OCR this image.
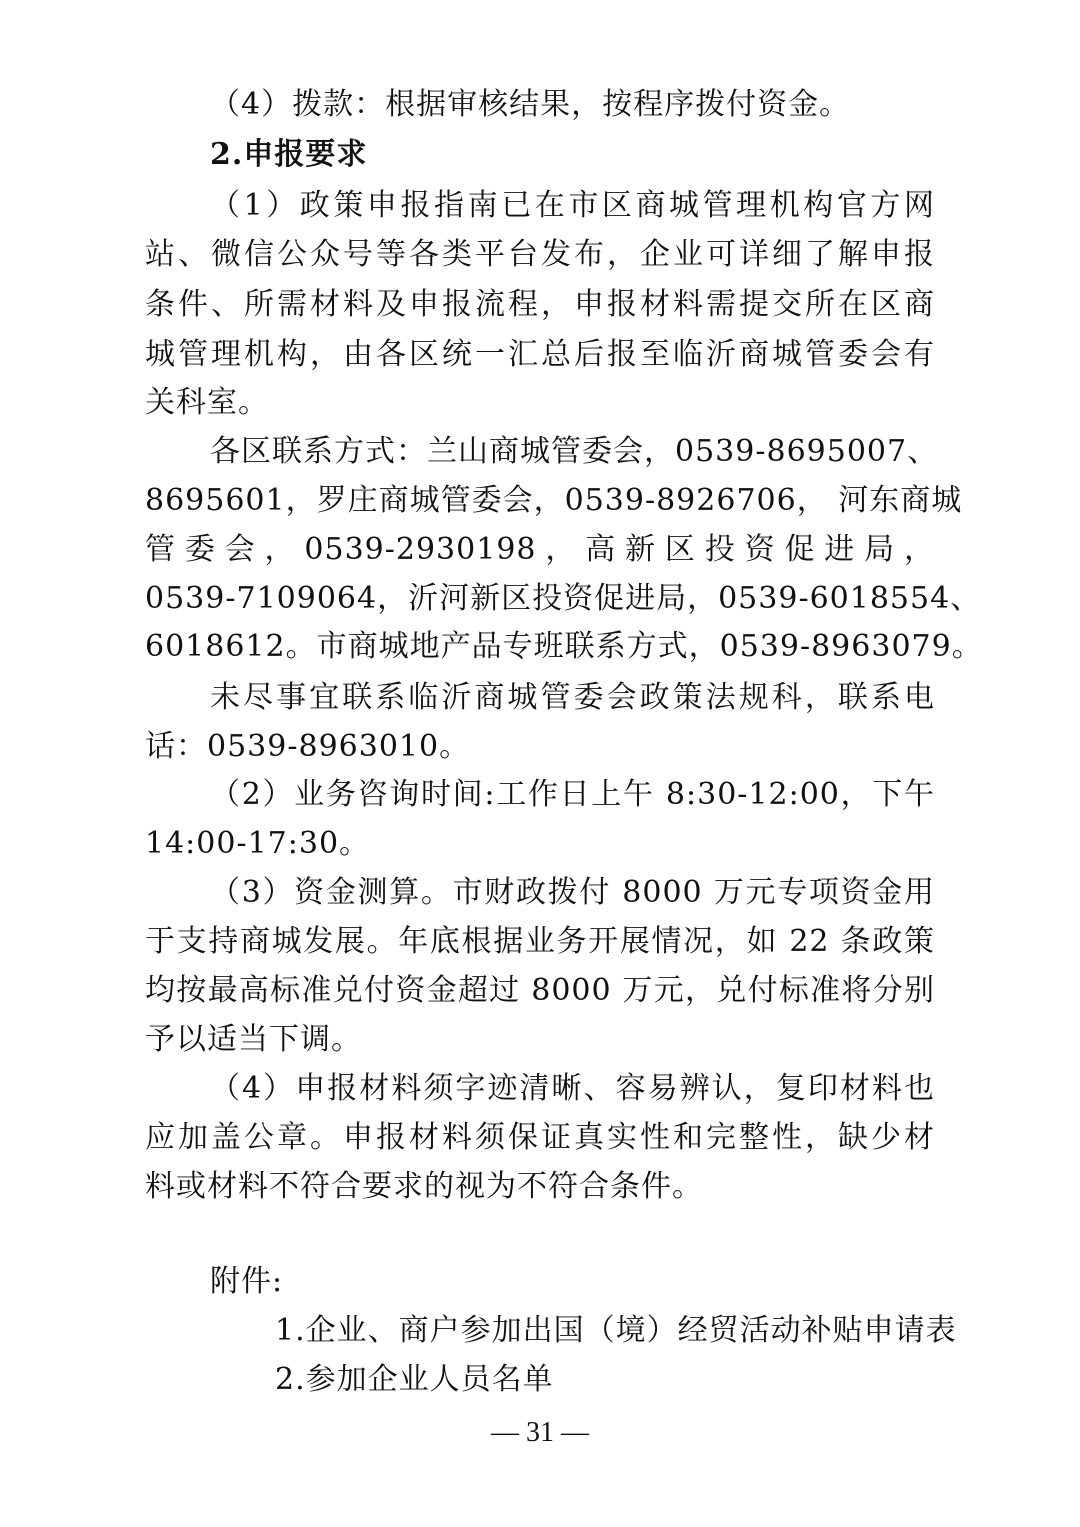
（4）拨款：根据审核结果，按程序拨付资金。
2.申报要求
（1）政策申报指南已在市区商城管理机构官方网
站、微信公众号等各类平台发布，企业可详细了解申报
条件、所需材料及申报流程，申报材料需提交所在区商
城管理机构，由各区统一汇总后报至临沂商城管委会有
关科室。
各区联系方式：兰山商城管委会，0539-8695007、
8695601，罗庄商城管委会，0539-8926706， 河东商城
管委会，0539-2930198，高新区投资促进局，
0539-7109064，沂河新区投资促进局，0539-6018554、
6018612。市商城地产品专班联系方式，0539-8963079。
未尽事宜联系临沂商城管委会政策法规科，联系电
话：0539-8963010。
（2）业务咨询时间:工作日上午 8:30-12:00，下午
14:00-17:30。
（3）资金测算。市财政拨付 8000 万元专项资金用
于支持商城发展。年底根据业务开展情况，如 22 条政策
均按最高标准兑付资金超过 8000 万元，兑付标准将分别
予以适当下调。
（4）申报材料须字迹清晰、容易辨认，复印材料也
应加盖公章。申报材料须保证真实性和完整性，缺少材
料或材料不符合要求的视为不符合条件。
附件:
1.企业、商户参加出国（境）经贸活动补贴申请表
2.参加企业人员名单
— 31 —
